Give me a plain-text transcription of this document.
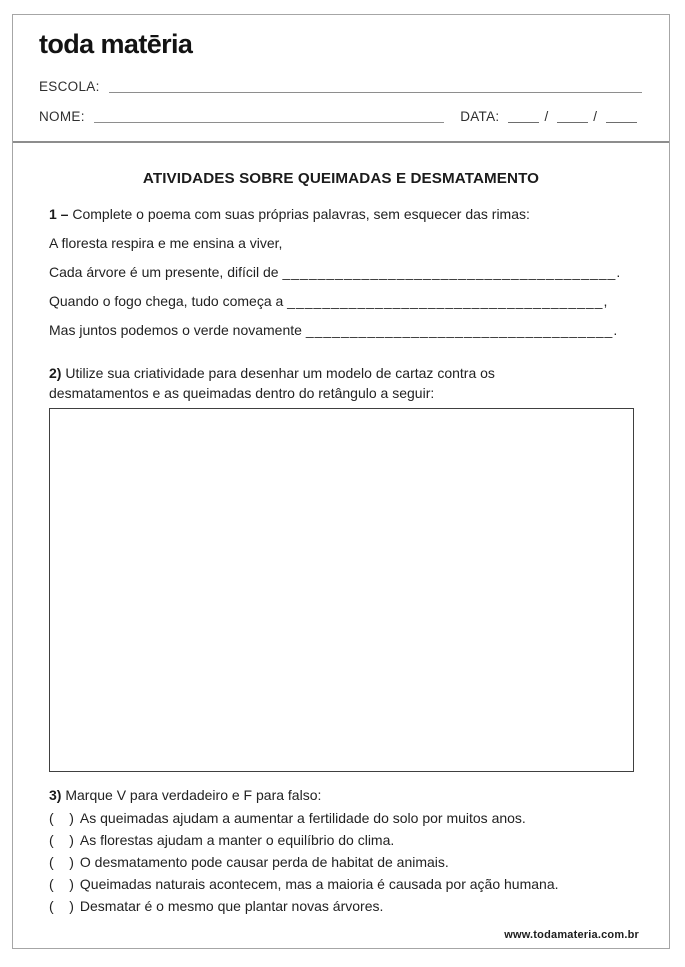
toda matēria
ESCOLA:
NOME:	DATA:	/	/
ATIVIDADES SOBRE QUEIMADAS E DESMATAMENTO

1 – Complete o poema com suas próprias palavras, sem esquecer das rimas:

A floresta respira e me ensina a viver,

Cada árvore é um presente, difícil de ______________________________________.

Quando o fogo chega, tudo começa a ____________________________________,

Mas juntos podemos o verde novamente ___________________________________.

2) Utilize sua criatividade para desenhar um modelo de cartaz contra os
desmatamentos e as queimadas dentro do retângulo a seguir:

3) Marque V para verdadeiro e F para falso:

(    ) As queimadas ajudam a aumentar a fertilidade do solo por muitos anos.

(    ) As florestas ajudam a manter o equilíbrio do clima.

(    ) O desmatamento pode causar perda de habitat de animais.

(    ) Queimadas naturais acontecem, mas a maioria é causada por ação humana.

(    ) Desmatar é o mesmo que plantar novas árvores.

www.todamateria.com.br
